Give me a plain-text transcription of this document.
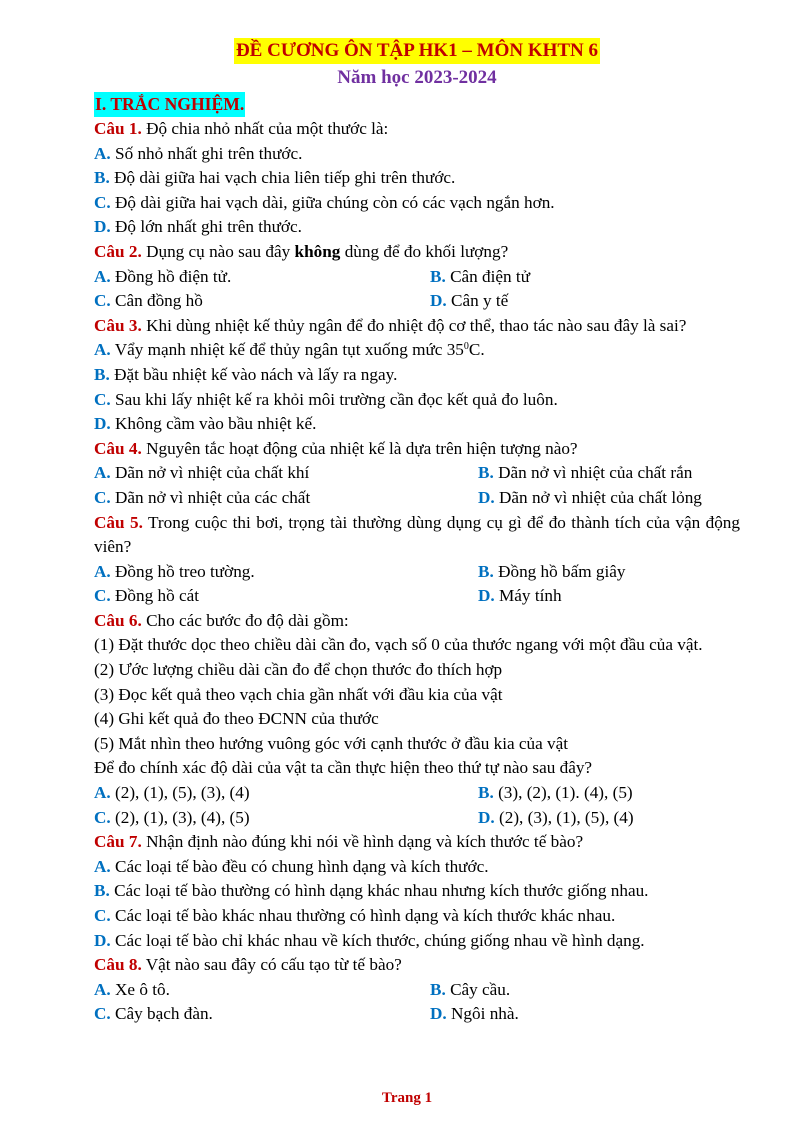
ĐỀ CƯƠNG ÔN TẬP HK1 – MÔN KHTN 6
Năm học 2023-2024
I. TRẮC NGHIỆM.
Câu 1. Độ chia nhỏ nhất của một thước là:
A. Số nhỏ nhất ghi trên thước.
B. Độ dài giữa hai vạch chia liên tiếp ghi trên thước.
C. Độ dài giữa hai vạch dài, giữa chúng còn có các vạch ngắn hơn.
D. Độ lớn nhất ghi trên thước.
Câu 2. Dụng cụ nào sau đây không dùng để đo khối lượng?
A. Đồng hồ điện tử.	B. Cân điện tử
C. Cân đồng hồ	D. Cân y tế
Câu 3. Khi dùng nhiệt kế thủy ngân để đo nhiệt độ cơ thể, thao tác nào sau đây là sai?
A. Vẩy mạnh nhiệt kế để thủy ngân tụt xuống mức $35^0C$.
B. Đặt bầu nhiệt kế vào nách và lấy ra ngay.
C. Sau khi lấy nhiệt kế ra khỏi môi trường cần đọc kết quả đo luôn.
D. Không cầm vào bầu nhiệt kế.
Câu 4. Nguyên tắc hoạt động của nhiệt kế là dựa trên hiện tượng nào?
A. Dãn nở vì nhiệt của chất khí	B. Dãn nở vì nhiệt của chất rắn
C. Dãn nở vì nhiệt của các chất	D. Dãn nở vì nhiệt của chất lỏng
Câu 5. Trong cuộc thi bơi, trọng tài thường dùng dụng cụ gì để đo thành tích của vận động viên?
A. Đồng hồ treo tường.	B. Đồng hồ bấm giây
C. Đồng hồ cát	D. Máy tính
Câu 6. Cho các bước đo độ dài gồm:
(1) Đặt thước dọc theo chiều dài cần đo, vạch số 0 của thước ngang với một đầu của vật.
(2) Ước lượng chiều dài cần đo để chọn thước đo thích hợp
(3) Đọc kết quả theo vạch chia gần nhất với đầu kia của vật
(4) Ghi kết quả đo theo ĐCNN của thước
(5) Mắt nhìn theo hướng vuông góc với cạnh thước ở đầu kia của vật
Để đo chính xác độ dài của vật ta cần thực hiện theo thứ tự nào sau đây?
A. (2), (1), (5), (3), (4)	B. (3), (2), (1). (4), (5)
C. (2), (1), (3), (4), (5)	D. (2), (3), (1), (5), (4)
Câu 7. Nhận định nào đúng khi nói về hình dạng và kích thước tế bào?
A. Các loại tế bào đều có chung hình dạng và kích thước.
B. Các loại tế bào thường có hình dạng khác nhau nhưng kích thước giống nhau.
C. Các loại tế bào khác nhau thường có hình dạng và kích thước khác nhau.
D. Các loại tế bào chỉ khác nhau về kích thước, chúng giống nhau về hình dạng.
Câu 8. Vật nào sau đây có cấu tạo từ tế bào?
A. Xe ô tô.	B. Cây cầu.
C. Cây bạch đàn.	D. Ngôi nhà.
Trang 1
